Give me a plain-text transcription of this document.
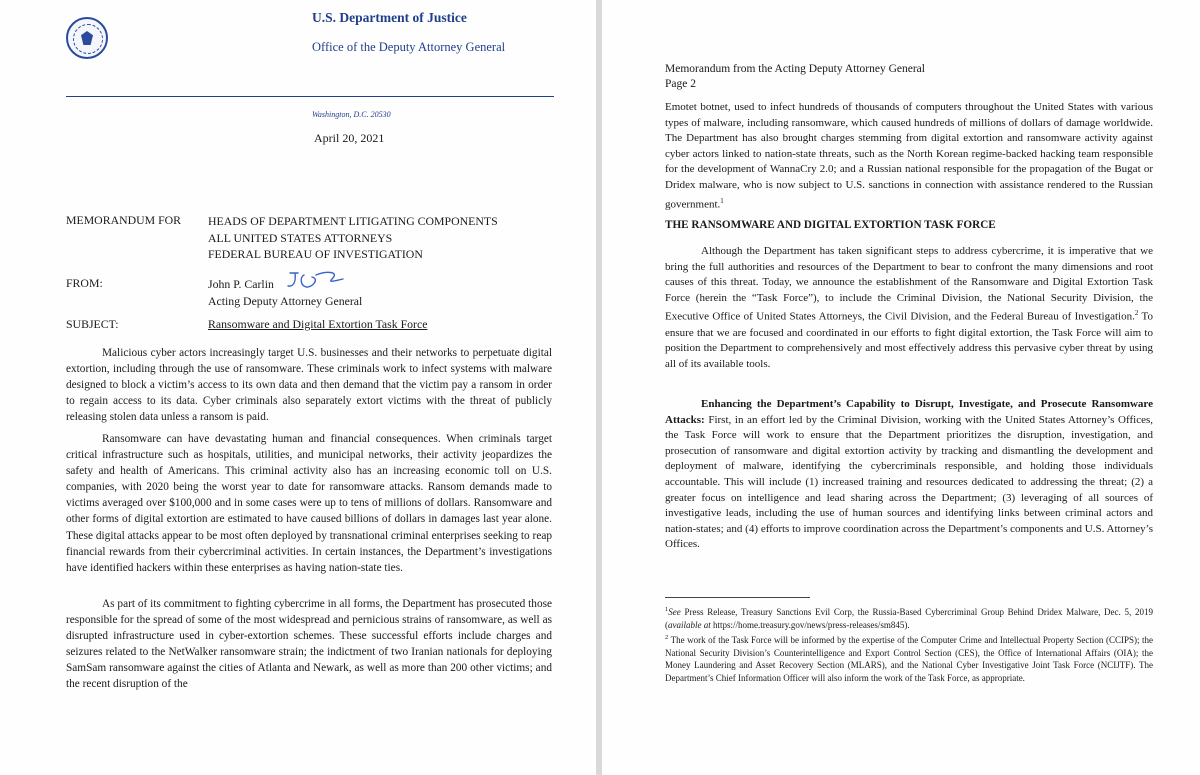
U.S. Department of Justice
Office of the Deputy Attorney General
Washington, D.C. 20530
April 20, 2021
MEMORANDUM FOR HEADS OF DEPARTMENT LITIGATING COMPONENTS
ALL UNITED STATES ATTORNEYS
FEDERAL BUREAU OF INVESTIGATION
FROM:	John P. Carlin
Acting Deputy Attorney General
SUBJECT:	Ransomware and Digital Extortion Task Force

Malicious cyber actors increasingly target U.S. businesses and their networks to perpetuate digital extortion, including through the use of ransomware. These criminals work to infect systems with malware designed to block a victim’s access to its own data and then demand that the victim pay a ransom in order to regain access to its data. Cyber criminals also separately extort victims with the threat of publicly releasing stolen data unless a ransom is paid.

Ransomware can have devastating human and financial consequences. When criminals target critical infrastructure such as hospitals, utilities, and municipal networks, their activity jeopardizes the safety and health of Americans. This criminal activity also has an increasing economic toll on U.S. companies, with 2020 being the worst year to date for ransomware attacks. Ransom demands made to victims averaged over $100,000 and in some cases were up to tens of millions of dollars. Ransomware and other forms of digital extortion are estimated to have caused billions of dollars in damages last year alone. These digital attacks appear to be most often deployed by transnational criminal enterprises seeking to reap financial rewards from their cybercriminal activities. In certain instances, the Department’s investigations have identified hackers within these enterprises as having nation-state ties.

As part of its commitment to fighting cybercrime in all forms, the Department has prosecuted those responsible for the spread of some of the most widespread and pernicious strains of ransomware, as well as disrupted infrastructure used in cyber-extortion schemes. These successful efforts include charges and seizures related to the NetWalker ransomware strain; the indictment of two Iranian nationals for deploying SamSam ransomware against the cities of Atlanta and Newark, as well as more than 200 other victims; and the recent disruption of the

Memorandum from the Acting Deputy Attorney General
Page 2

Emotet botnet, used to infect hundreds of thousands of computers throughout the United States with various types of malware, including ransomware, which caused hundreds of millions of dollars of damage worldwide. The Department has also brought charges stemming from digital extortion and ransomware activity against cyber actors linked to nation-state threats, such as the North Korean regime-backed hacking team responsible for the development of WannaCry 2.0; and a Russian national responsible for the propagation of the Bugat or Dridex malware, who is now subject to U.S. sanctions in connection with assistance rendered to the Russian government.$^1$

THE RANSOMWARE AND DIGITAL EXTORTION TASK FORCE

Although the Department has taken significant steps to address cybercrime, it is imperative that we bring the full authorities and resources of the Department to bear to confront the many dimensions and root causes of this threat. Today, we announce the establishment of the Ransomware and Digital Extortion Task Force (herein the “Task Force”), to include the Criminal Division, the National Security Division, the Executive Office of United States Attorneys, the Civil Division, and the Federal Bureau of Investigation.$^2$ To ensure that we are focused and coordinated in our efforts to fight digital extortion, the Task Force will aim to position the Department to comprehensively and most effectively address this pervasive cyber threat by using all of its available tools.

Enhancing the Department’s Capability to Disrupt, Investigate, and Prosecute Ransomware Attacks: First, in an effort led by the Criminal Division, working with the United States Attorney’s Offices, the Task Force will work to ensure that the Department prioritizes the disruption, investigation, and prosecution of ransomware and digital extortion activity by tracking and dismantling the development and deployment of malware, identifying the cybercriminals responsible, and holding those individuals accountable. This will include (1) increased training and resources dedicated to addressing the threat; (2) a greater focus on intelligence and lead sharing across the Department; (3) leveraging of all sources of investigative leads, including the use of human sources and identifying links between criminal actors and nation-states; and (4) efforts to improve coordination across the Department’s components and U.S. Attorney’s Offices.

$^1$See Press Release, Treasury Sanctions Evil Corp, the Russia-Based Cybercriminal Group Behind Dridex Malware, Dec. 5, 2019 (available at https://home.treasury.gov/news/press-releases/sm845).

$^2$ The work of the Task Force will be informed by the expertise of the Computer Crime and Intellectual Property Section (CCIPS); the National Security Division’s Counterintelligence and Export Control Section (CES), the Office of International Affairs (OIA); the Money Laundering and Asset Recovery Section (MLARS), and the National Cyber Investigative Joint Task Force (NCIJTF). The Department’s Chief Information Officer will also inform the work of the Task Force, as appropriate.
